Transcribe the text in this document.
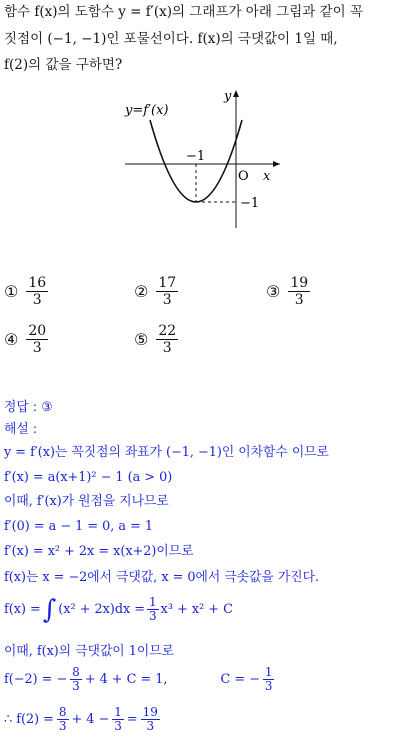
함수 f(x)의 도함수 y = f′(x)의 그래프가 아래 그림과 같이 꼭
짓점이 (−1, −1)인 포물선이다. f(x)의 극댓값이 1일 때,
f(2)의 값을 구하면?
y=f′(x)
y
x
O
−1
−1
① $\frac{16}{3}$	② $\frac{17}{3}$	③ $\frac{19}{3}$
④ $\frac{20}{3}$	⑤ $\frac{22}{3}$
정답 : ③
해설 :
y = f′(x)는 꼭짓점의 좌표가 (−1, −1)인 이차함수 이므로
f′(x) = a(x+1)² − 1 (a > 0)
이때, f′(x)가 원점을 지나므로
f′(0) = a − 1 = 0, a = 1
f′(x) = x² + 2x = x(x+2)이므로
f(x)는 x = −2에서 극댓값, x = 0에서 극솟값을 가진다.
f(x) = ∫ $(x^2 + 2x)dx = \frac{1}{3} x^3 + x^2 + C$
이때, f(x)의 극댓값이 1이므로
f(−2) = − $\frac{8}{3} + 4 + C = 1$,	C = − $\frac{1}{3}$
∴ $f(2) = \frac{8}{3} + 4 - \frac{1}{3} = \frac{19}{3}$
